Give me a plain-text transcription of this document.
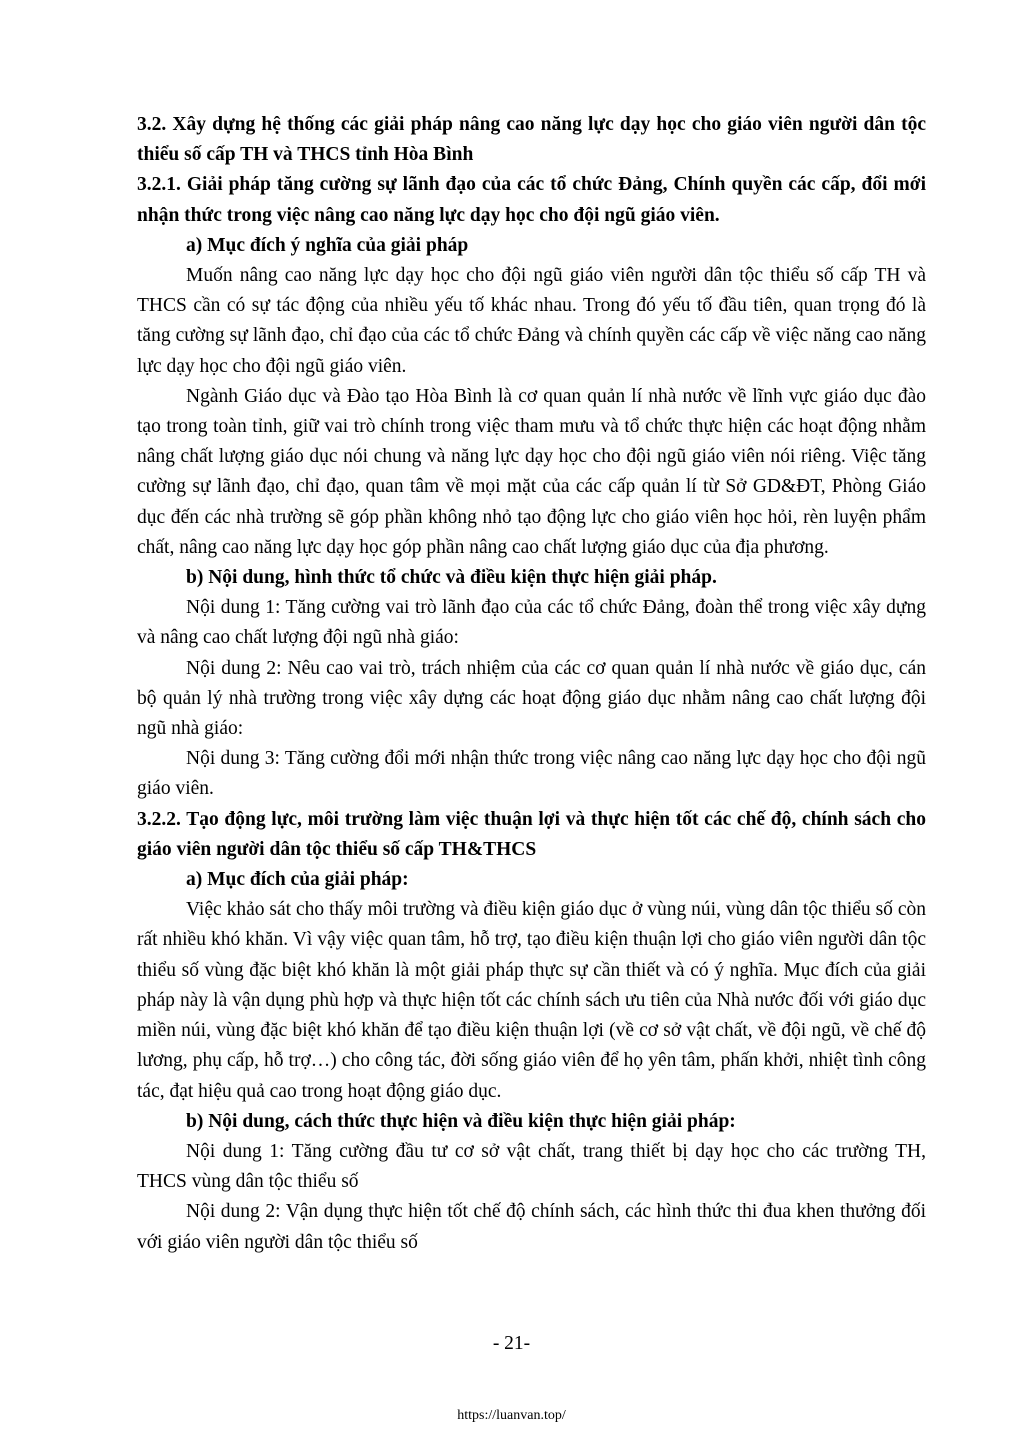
3.2. Xây dựng hệ thống các giải pháp nâng cao năng lực dạy học cho giáo viên người dân tộc thiểu số cấp TH và THCS tỉnh Hòa Bình

3.2.1. Giải pháp tăng cường sự lãnh đạo của các tổ chức Đảng, Chính quyền các cấp, đổi mới nhận thức trong việc nâng cao năng lực dạy học cho đội ngũ giáo viên.

a) Mục đích ý nghĩa của giải pháp

Muốn nâng cao năng lực dạy học cho đội ngũ giáo viên người dân tộc thiểu số cấp TH và THCS cần có sự tác động của nhiều yếu tố khác nhau. Trong đó yếu tố đầu tiên, quan trọng đó là tăng cường sự lãnh đạo, chỉ đạo của các tổ chức Đảng và chính quyền các cấp về việc năng cao năng lực dạy học cho đội ngũ giáo viên.

Ngành Giáo dục và Đào tạo Hòa Bình là cơ quan quản lí nhà nước về lĩnh vực giáo dục đào tạo trong toàn tỉnh, giữ vai trò chính trong việc tham mưu và tổ chức thực hiện các hoạt động nhằm nâng chất lượng giáo dục nói chung và năng lực dạy học cho đội ngũ giáo viên nói riêng. Việc tăng cường sự lãnh đạo, chỉ đạo, quan tâm về mọi mặt của các cấp quản lí từ Sở GD&ĐT, Phòng Giáo dục đến các nhà trường sẽ góp phần không nhỏ tạo động lực cho giáo viên học hỏi, rèn luyện phẩm chất, nâng cao năng lực dạy học góp phần nâng cao chất lượng giáo dục của địa phương.

b) Nội dung, hình thức tổ chức và điều kiện thực hiện giải pháp.

Nội dung 1: Tăng cường vai trò lãnh đạo của các tổ chức Đảng, đoàn thể trong việc xây dựng và nâng cao chất lượng đội ngũ nhà giáo:

Nội dung 2: Nêu cao vai trò, trách nhiệm của các cơ quan quản lí nhà nước về giáo dục, cán bộ quản lý nhà trường trong việc xây dựng các hoạt động giáo dục nhằm nâng cao chất lượng đội ngũ nhà giáo:

Nội dung 3: Tăng cường đổi mới nhận thức trong việc nâng cao năng lực dạy học cho đội ngũ giáo viên.

3.2.2. Tạo động lực, môi trường làm việc thuận lợi và thực hiện tốt các chế độ, chính sách cho giáo viên người dân tộc thiểu số cấp TH&THCS

a) Mục đích của giải pháp:

Việc khảo sát cho thấy môi trường và điều kiện giáo dục ở vùng núi, vùng dân tộc thiểu số còn rất nhiều khó khăn. Vì vậy việc quan tâm, hỗ trợ, tạo điều kiện thuận lợi cho giáo viên người dân tộc thiểu số vùng đặc biệt khó khăn là một giải pháp thực sự cần thiết và có ý nghĩa. Mục đích của giải pháp này là vận dụng phù hợp và thực hiện tốt các chính sách ưu tiên của Nhà nước đối với giáo dục miền núi, vùng đặc biệt khó khăn để tạo điều kiện thuận lợi (về cơ sở vật chất, về đội ngũ, về chế độ lương, phụ cấp, hỗ trợ…) cho công tác, đời sống giáo viên để họ yên tâm, phấn khởi, nhiệt tình công tác, đạt hiệu quả cao trong hoạt động giáo dục.

b) Nội dung, cách thức thực hiện và điều kiện thực hiện giải pháp:

Nội dung 1: Tăng cường đầu tư cơ sở vật chất, trang thiết bị dạy học cho các trường TH, THCS vùng dân tộc thiểu số

Nội dung 2: Vận dụng thực hiện tốt chế độ chính sách, các hình thức thi đua khen thưởng đối với giáo viên người dân tộc thiểu số

- 21-
https://luanvan.top/
